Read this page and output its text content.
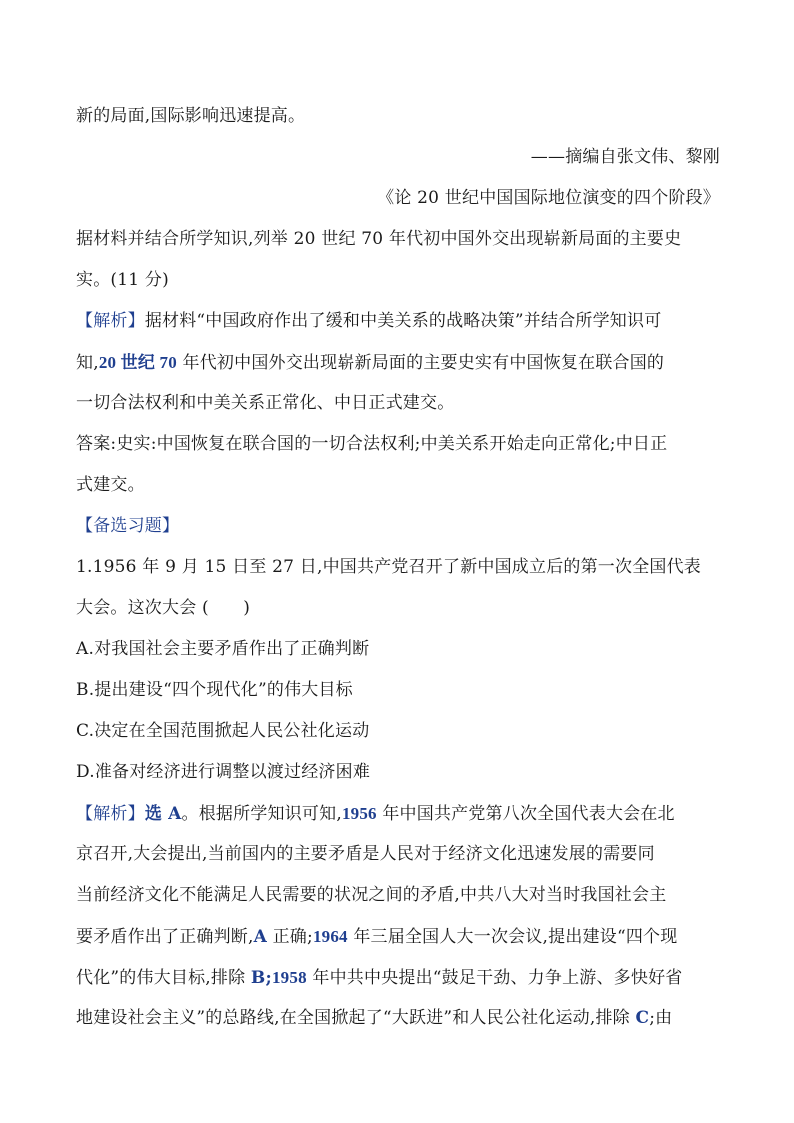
新的局面,国际影响迅速提高。
——摘编自张文伟、黎刚
《论 20 世纪中国国际地位演变的四个阶段》
据材料并结合所学知识,列举 20 世纪 70 年代初中国外交出现崭新局面的主要史
实。(11 分)
【解析】据材料“中国政府作出了缓和中美关系的战略决策”并结合所学知识可
知,20 世纪 70 年代初中国外交出现崭新局面的主要史实有中国恢复在联合国的
一切合法权利和中美关系正常化、中日正式建交。
答案:史实:中国恢复在联合国的一切合法权利;中美关系开始走向正常化;中日正
式建交。
【备选习题】
1.1956 年 9 月 15 日至 27 日,中国共产党召开了新中国成立后的第一次全国代表
大会。这次大会 (　　)
A.对我国社会主要矛盾作出了正确判断
B.提出建设“四个现代化”的伟大目标
C.决定在全国范围掀起人民公社化运动
D.准备对经济进行调整以渡过经济困难
【解析】选 A。根据所学知识可知,1956 年中国共产党第八次全国代表大会在北
京召开,大会提出,当前国内的主要矛盾是人民对于经济文化迅速发展的需要同
当前经济文化不能满足人民需要的状况之间的矛盾,中共八大对当时我国社会主
要矛盾作出了正确判断,A 正确;1964 年三届全国人大一次会议,提出建设“四个现
代化”的伟大目标,排除 B;1958 年中共中央提出“鼓足干劲、力争上游、多快好省
地建设社会主义”的总路线,在全国掀起了“大跃进”和人民公社化运动,排除 C;由
